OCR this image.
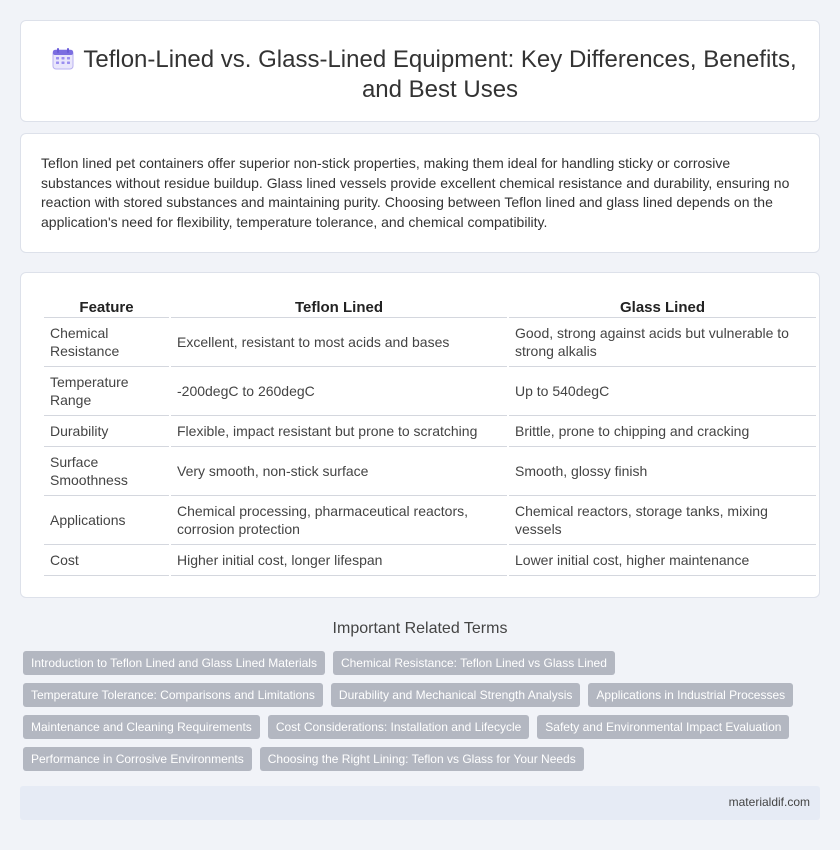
Teflon-Lined vs. Glass-Lined Equipment: Key Differences, Benefits, and Best Uses

Teflon lined pet containers offer superior non-stick properties, making them ideal for handling sticky or corrosive substances without residue buildup. Glass lined vessels provide excellent chemical resistance and durability, ensuring no reaction with stored substances and maintaining purity. Choosing between Teflon lined and glass lined depends on the application's need for flexibility, temperature tolerance, and chemical compatibility.

Feature	Teflon Lined	Glass Lined
Chemical Resistance	Excellent, resistant to most acids and bases	Good, strong against acids but vulnerable to strong alkalis
Temperature Range	-200degC to 260degC	Up to 540degC
Durability	Flexible, impact resistant but prone to scratching	Brittle, prone to chipping and cracking
Surface Smoothness	Very smooth, non-stick surface	Smooth, glossy finish
Applications	Chemical processing, pharmaceutical reactors, corrosion protection	Chemical reactors, storage tanks, mixing vessels
Cost	Higher initial cost, longer lifespan	Lower initial cost, higher maintenance
Important Related Terms
Introduction to Teflon Lined and Glass Lined Materials	Chemical Resistance: Teflon Lined vs Glass Lined
Temperature Tolerance: Comparisons and Limitations	Durability and Mechanical Strength Analysis	Applications in Industrial Processes
Maintenance and Cleaning Requirements	Cost Considerations: Installation and Lifecycle	Safety and Environmental Impact Evaluation
Performance in Corrosive Environments	Choosing the Right Lining: Teflon vs Glass for Your Needs
materialdif.com
